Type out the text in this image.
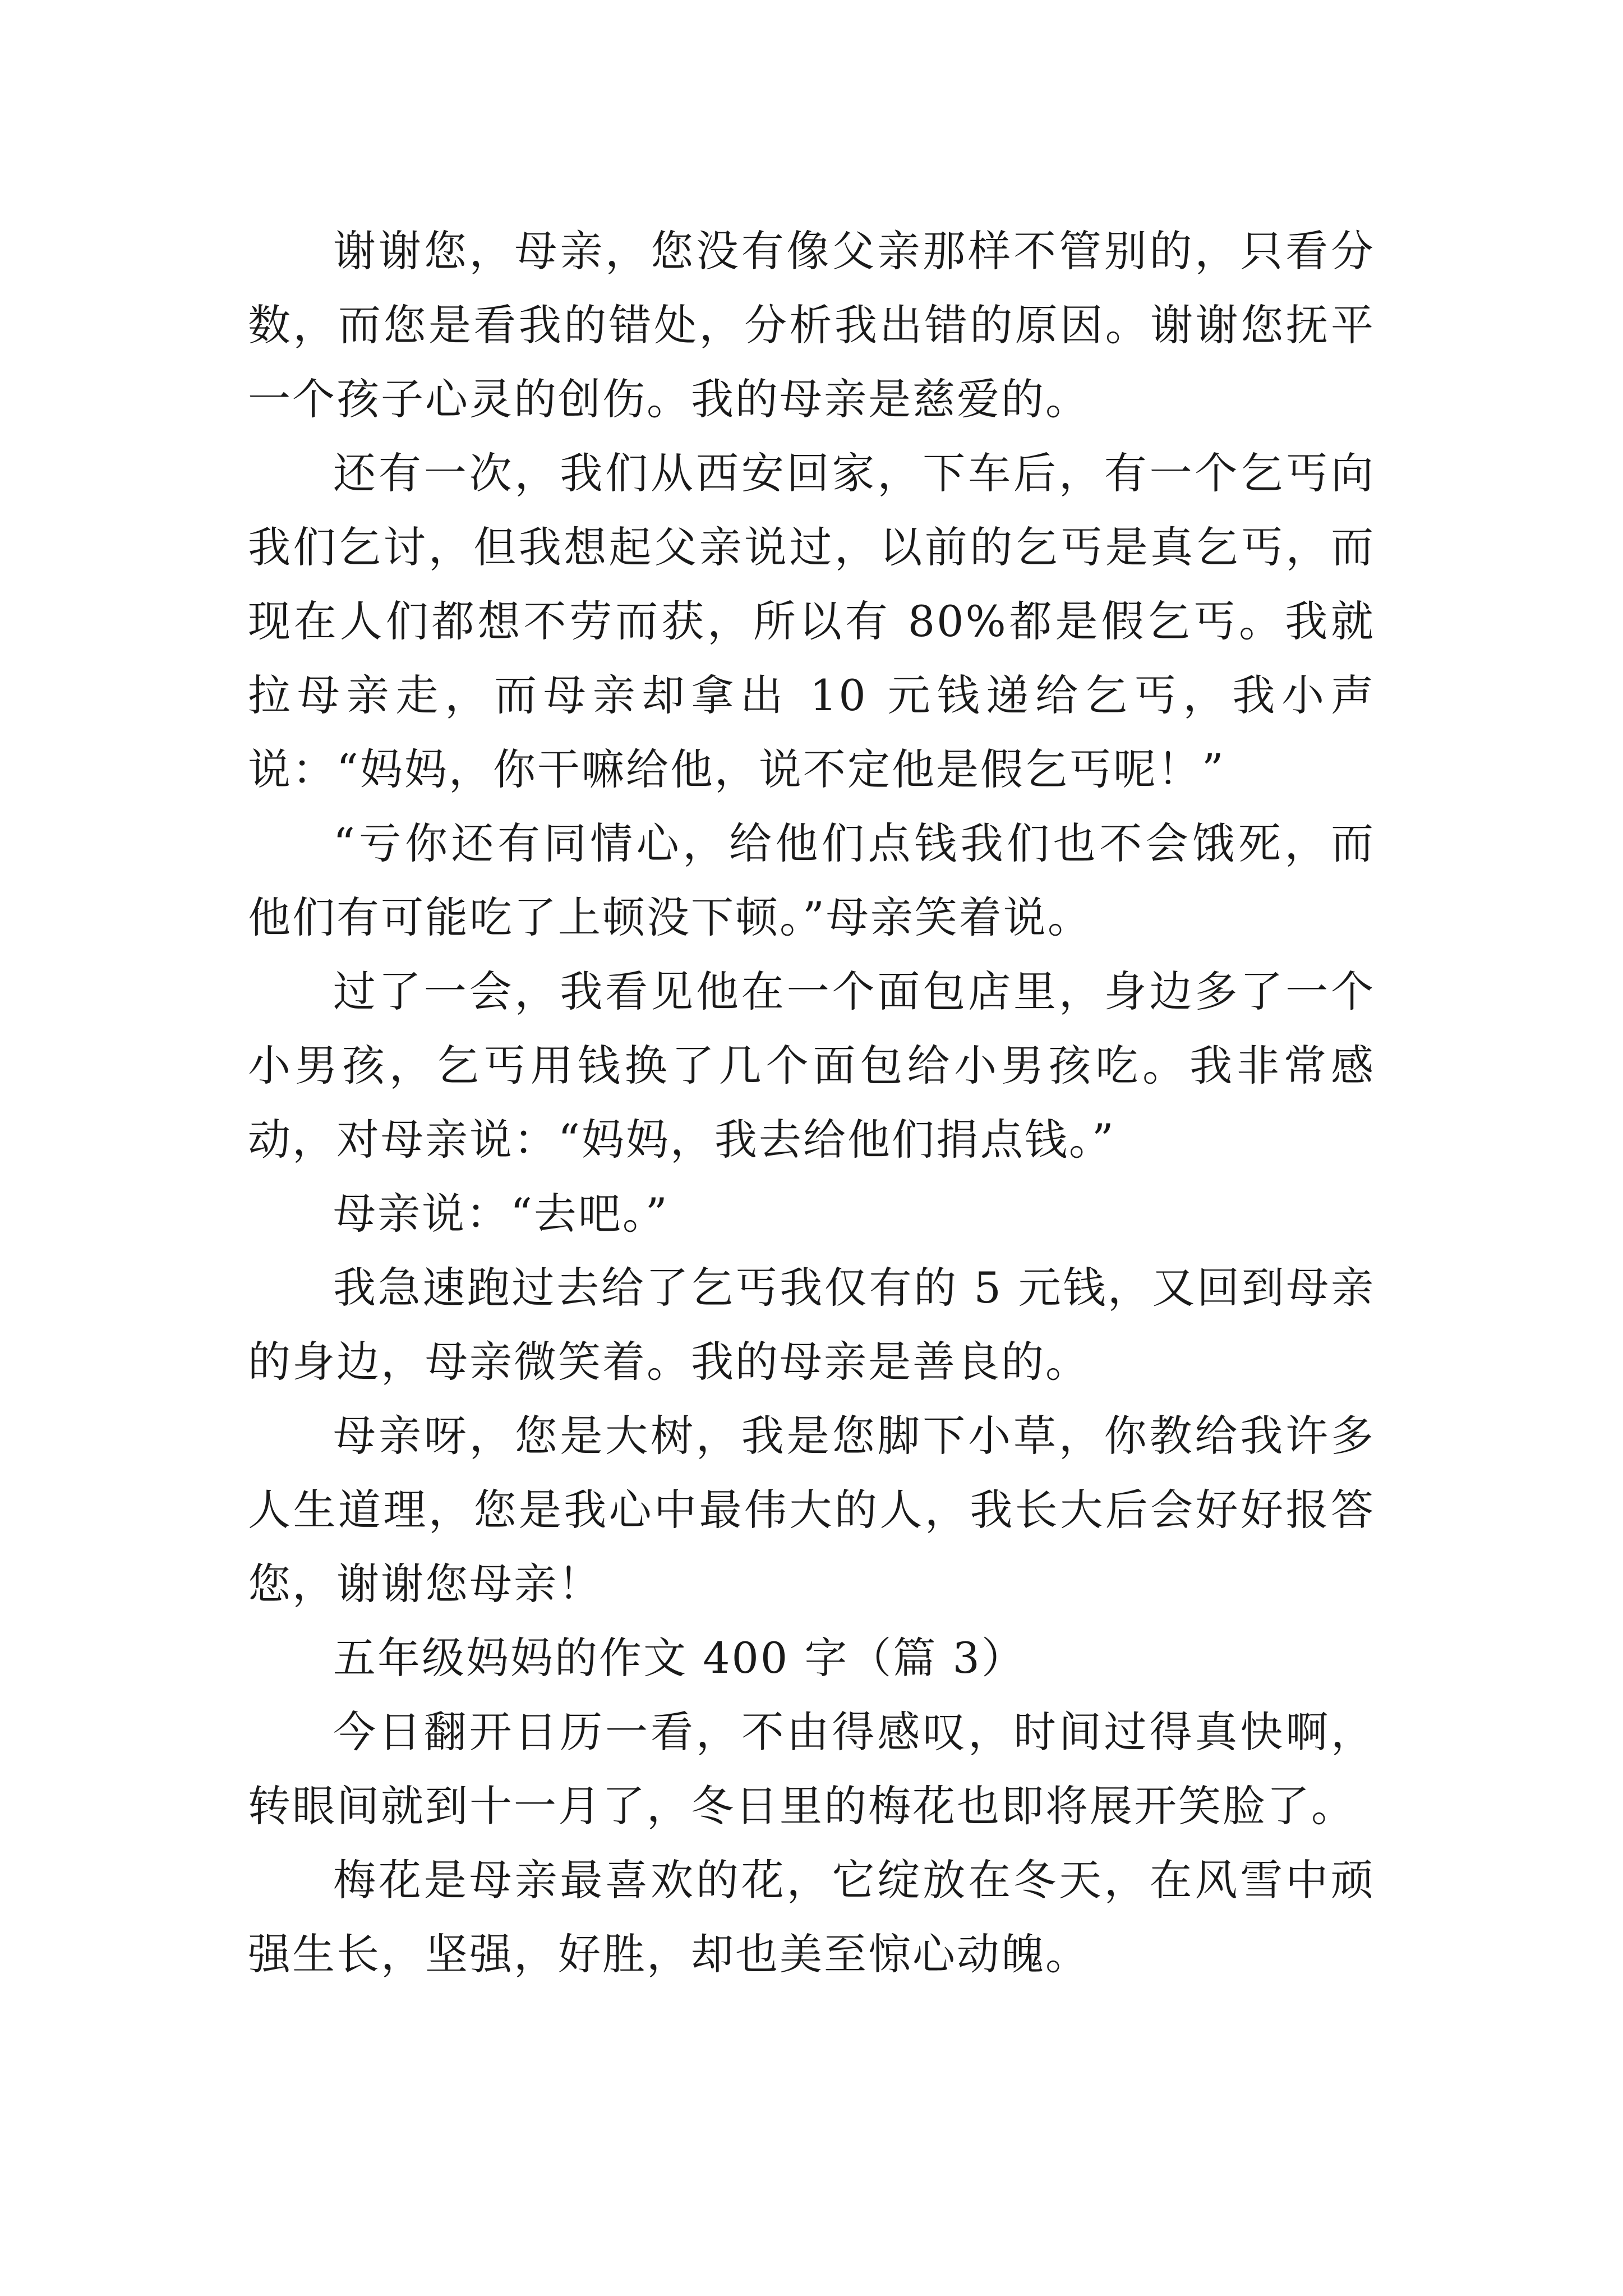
谢谢您，母亲，您没有像父亲那样不管别的，只看分数，而您是看我的错处，分析我出错的原因。谢谢您抚平一个孩子心灵的创伤。我的母亲是慈爱的。

还有一次，我们从西安回家，下车后，有一个乞丐向我们乞讨，但我想起父亲说过，以前的乞丐是真乞丐，而现在人们都想不劳而获，所以有 80%都是假乞丐。我就拉母亲走，而母亲却拿出 10 元钱递给乞丐，我小声说：“妈妈，你干嘛给他，说不定他是假乞丐呢！”

“亏你还有同情心，给他们点钱我们也不会饿死，而他们有可能吃了上顿没下顿。”母亲笑着说。

过了一会，我看见他在一个面包店里，身边多了一个小男孩，乞丐用钱换了几个面包给小男孩吃。我非常感动，对母亲说：“妈妈，我去给他们捐点钱。”

母亲说：“去吧。”

我急速跑过去给了乞丐我仅有的 5 元钱，又回到母亲的身边，母亲微笑着。我的母亲是善良的。

母亲呀，您是大树，我是您脚下小草，你教给我许多人生道理，您是我心中最伟大的人，我长大后会好好报答您，谢谢您母亲！

五年级妈妈的作文 400 字（篇 3）

今日翻开日历一看，不由得感叹，时间过得真快啊，转眼间就到十一月了，冬日里的梅花也即将展开笑脸了。

梅花是母亲最喜欢的花，它绽放在冬天，在风雪中顽强生长，坚强，好胜，却也美至惊心动魄。
